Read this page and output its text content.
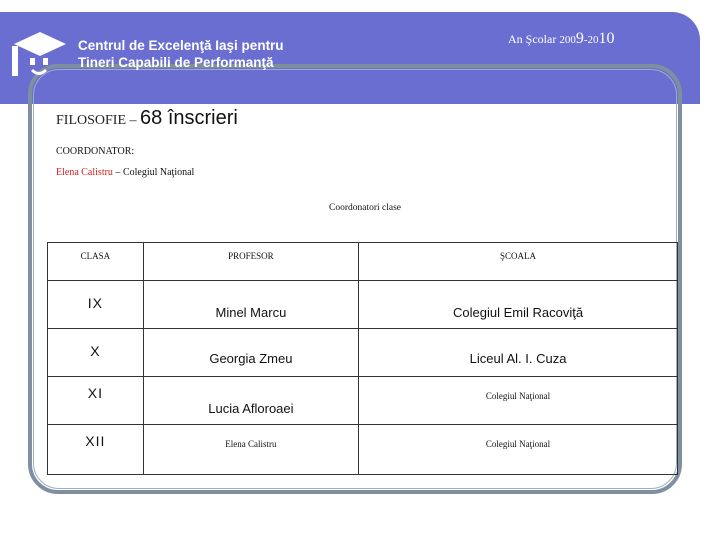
Centrul de Excelenţă Iaşi pentru
Tineri Capabili de Performanţă
An Şcolar 2009-2010
FILOSOFIE – 68 înscrieri
COORDONATOR:
Elena Calistru – Colegiul Naţional
Coordonatori clase
CLASA	PROFESOR	ŞCOALA

IX	Minel Marcu	Colegiul Emil Racoviţă

X	Georgia Zmeu	Liceul Al. I. Cuza

XI	Lucia Afloroaei	Colegiul Naţional

XII	Elena Calistru	Colegiul Naţional
